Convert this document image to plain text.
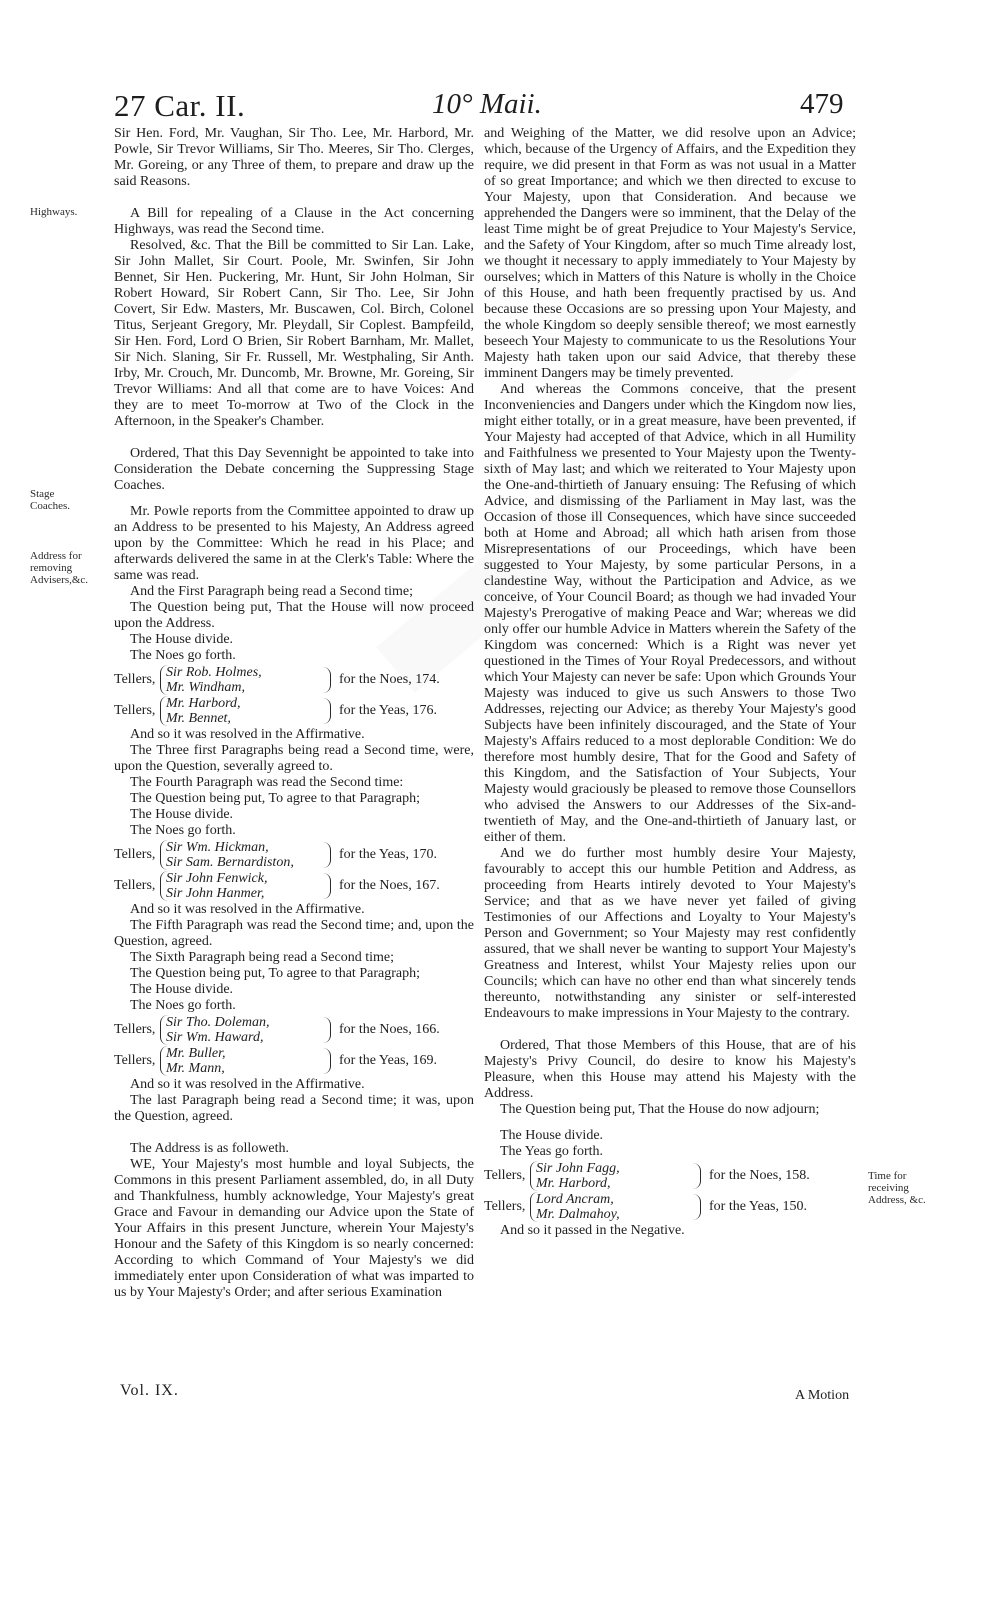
27 Car. II.	10° Maii.	479
Highways.
Stage Coaches.
Address for removing Advisers,&c.
Time for receiving Address, &c.

Sir Hen. Ford, Mr. Vaughan, Sir Tho. Lee, Mr. Harbord, Mr. Powle, Sir Trevor Williams, Sir Tho. Meeres, Sir Tho. Clerges, Mr. Goreing, or any Three of them, to prepare and draw up the said Reasons.

A Bill for repealing of a Clause in the Act concerning Highways, was read the Second time.

Resolved, &c. That the Bill be committed to Sir Lan. Lake, Sir John Mallet, Sir Court. Poole, Mr. Swinfen, Sir John Bennet, Sir Hen. Puckering, Mr. Hunt, Sir John Holman, Sir Robert Howard, Sir Robert Cann, Sir Tho. Lee, Sir John Covert, Sir Edw. Masters, Mr. Buscawen, Col. Birch, Colonel Titus, Serjeant Gregory, Mr. Pleydall, Sir Coplest. Bampfeild, Sir Hen. Ford, Lord O Brien, Sir Robert Barnham, Mr. Mallet, Sir Nich. Slaning, Sir Fr. Russell, Mr. Westphaling, Sir Anth. Irby, Mr. Crouch, Mr. Duncomb, Mr. Browne, Mr. Goreing, Sir Trevor Williams: And all that come are to have Voices: And they are to meet To-morrow at Two of the Clock in the Afternoon, in the Speaker's Chamber.

Ordered, That this Day Sevennight be appointed to take into Consideration the Debate concerning the Suppressing Stage Coaches.

Mr. Powle reports from the Committee appointed to draw up an Address to be presented to his Majesty, An Address agreed upon by the Committee: Which he read in his Place; and afterwards delivered the same in at the Clerk's Table: Where the same was read.

And the First Paragraph being read a Second time;

The Question being put, That the House will now proceed upon the Address.

The House divide.

The Noes go forth.

Tellers, Sir Rob. Holmes,
Mr. Windham,
for the Noes, 174.
Tellers, Mr. Harbord,
Mr. Bennet,
for the Yeas, 176.

And so it was resolved in the Affirmative.

The Three first Paragraphs being read a Second time, were, upon the Question, severally agreed to.

The Fourth Paragraph was read the Second time:

The Question being put, To agree to that Paragraph;

The House divide.

The Noes go forth.

Tellers, Sir Wm. Hickman,
Sir Sam. Bernardiston,
for the Yeas, 170.
Tellers, Sir John Fenwick,
Sir John Hanmer,
for the Noes, 167.

And so it was resolved in the Affirmative.

The Fifth Paragraph was read the Second time; and, upon the Question, agreed.

The Sixth Paragraph being read a Second time;

The Question being put, To agree to that Paragraph;

The House divide.

The Noes go forth.

Tellers, Sir Tho. Doleman,
Sir Wm. Haward,
for the Noes, 166.
Tellers, Mr. Buller,
Mr. Mann,
for the Yeas, 169.

And so it was resolved in the Affirmative.

The last Paragraph being read a Second time; it was, upon the Question, agreed.

The Address is as followeth.

WE, Your Majesty's most humble and loyal Subjects, the Commons in this present Parliament assembled, do, in all Duty and Thankfulness, humbly acknowledge, Your Majesty's great Grace and Favour in demanding our Advice upon the State of Your Affairs in this present Juncture, wherein Your Majesty's Honour and the Safety of this Kingdom is so nearly concerned: According to which Command of Your Majesty's we did immediately enter upon Consideration of what was imparted to us by Your Majesty's Order; and after serious Examination

and Weighing of the Matter, we did resolve upon an Advice; which, because of the Urgency of Affairs, and the Expedition they require, we did present in that Form as was not usual in a Matter of so great Importance; and which we then directed to excuse to Your Majesty, upon that Consideration. And because we apprehended the Dangers were so imminent, that the Delay of the least Time might be of great Prejudice to Your Majesty's Service, and the Safety of Your Kingdom, after so much Time already lost, we thought it necessary to apply immediately to Your Majesty by ourselves; which in Matters of this Nature is wholly in the Choice of this House, and hath been frequently practised by us. And because these Occasions are so pressing upon Your Majesty, and the whole Kingdom so deeply sensible thereof; we most earnestly beseech Your Majesty to communicate to us the Resolutions Your Majesty hath taken upon our said Advice, that thereby these imminent Dangers may be timely prevented.

And whereas the Commons conceive, that the present Inconveniencies and Dangers under which the Kingdom now lies, might either totally, or in a great measure, have been prevented, if Your Majesty had accepted of that Advice, which in all Humility and Faithfulness we presented to Your Majesty upon the Twenty-sixth of May last; and which we reiterated to Your Majesty upon the One-and-thirtieth of January ensuing: The Refusing of which Advice, and dismissing of the Parliament in May last, was the Occasion of those ill Consequences, which have since succeeded both at Home and Abroad; all which hath arisen from those Misrepresentations of our Proceedings, which have been suggested to Your Majesty, by some particular Persons, in a clandestine Way, without the Participation and Advice, as we conceive, of Your Council Board; as though we had invaded Your Majesty's Prerogative of making Peace and War; whereas we did only offer our humble Advice in Matters wherein the Safety of the Kingdom was concerned: Which is a Right was never yet questioned in the Times of Your Royal Predecessors, and without which Your Majesty can never be safe: Upon which Grounds Your Majesty was induced to give us such Answers to those Two Addresses, rejecting our Advice; as thereby Your Majesty's good Subjects have been infinitely discouraged, and the State of Your Majesty's Affairs reduced to a most deplorable Condition: We do therefore most humbly desire, That for the Good and Safety of this Kingdom, and the Satisfaction of Your Subjects, Your Majesty would graciously be pleased to remove those Counsellors who advised the Answers to our Addresses of the Six-and-twentieth of May, and the One-and-thirtieth of January last, or either of them.

And we do further most humbly desire Your Majesty, favourably to accept this our humble Petition and Address, as proceeding from Hearts intirely devoted to Your Majesty's Service; and that as we have never yet failed of giving Testimonies of our Affections and Loyalty to Your Majesty's Person and Government; so Your Majesty may rest confidently assured, that we shall never be wanting to support Your Majesty's Greatness and Interest, whilst Your Majesty relies upon our Councils; which can have no other end than what sincerely tends thereunto, notwithstanding any sinister or self-interested Endeavours to make impressions in Your Majesty to the contrary.

Ordered, That those Members of this House, that are of his Majesty's Privy Council, do desire to know his Majesty's Pleasure, when this House may attend his Majesty with the Address.

The Question being put, That the House do now adjourn;

The House divide.

The Yeas go forth.

Tellers, Sir John Fagg,
Mr. Harbord,
for the Noes, 158.
Tellers, Lord Ancram,
Mr. Dalmahoy,
for the Yeas, 150.

And so it passed in the Negative.

Vol. IX.	A Motion
